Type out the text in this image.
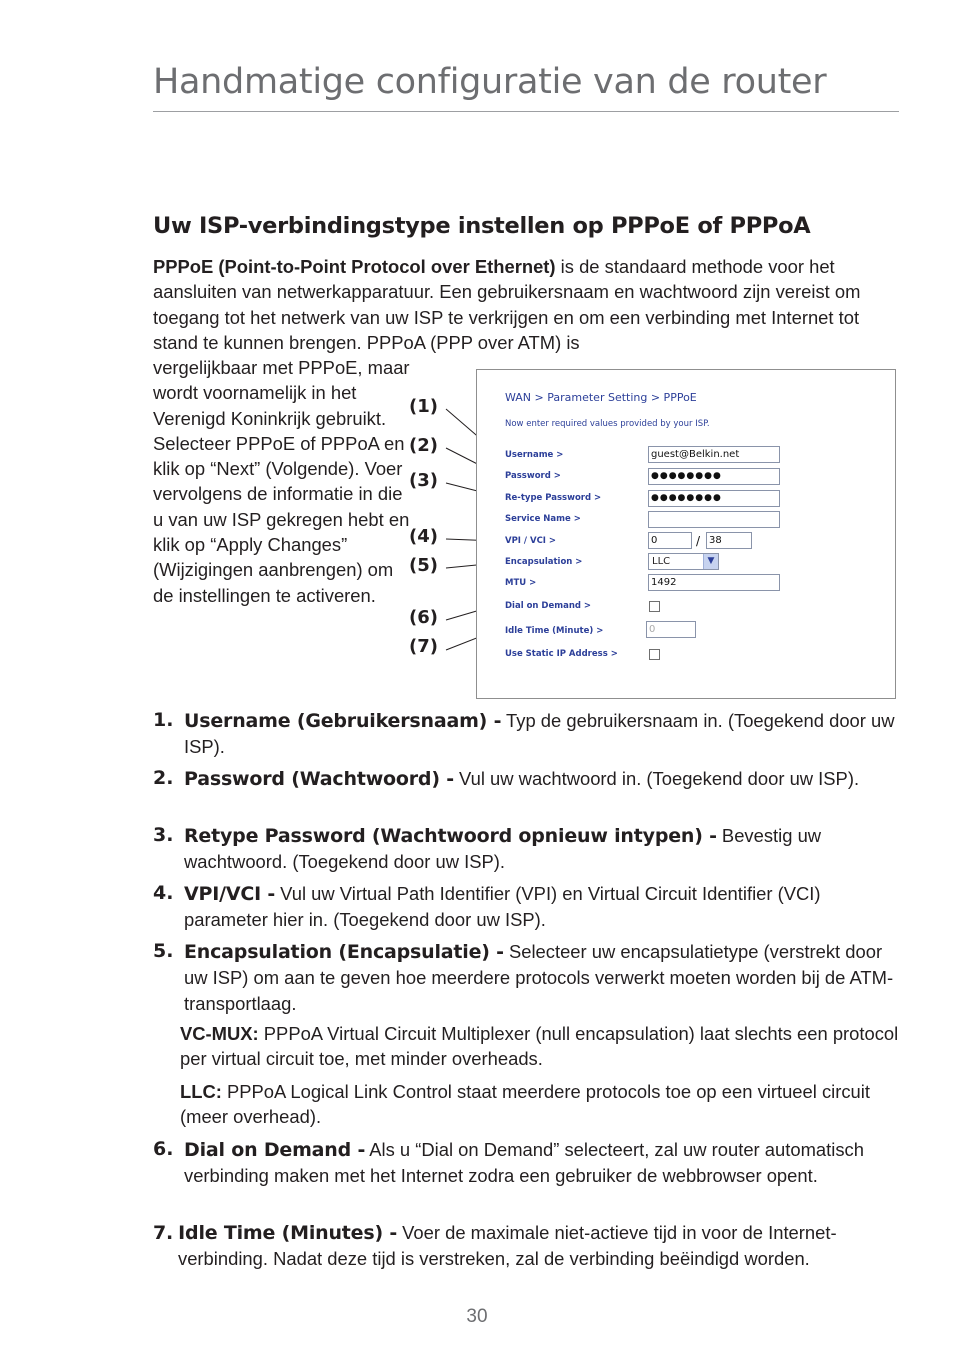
Handmatige configuratie van de router
Uw ISP-verbindingstype instellen op PPPoE of PPPoA

PPPoE (Point-to-Point Protocol over Ethernet) is de standaard methode voor het aansluiten van netwerkapparatuur. Een gebruikersnaam en wachtwoord zijn vereist om toegang tot het netwerk van uw ISP te verkrijgen en om een verbinding met Internet tot stand te kunnen brengen. PPPoA (PPP over ATM) is

vergelijkbaar met PPPoE, maar wordt voornamelijk in het Verenigd Koninkrijk gebruikt. Selecteer PPPoE of PPPoA en klik op “Next” (Volgende). Voer vervolgens de informatie in die u van uw ISP gekregen hebt en klik op “Apply Changes” (Wijzigingen aanbrengen) om de instellingen te activeren.

(1)
(2)
(3)
(4)
(5)
(6)
(7)
WAN > Parameter Setting > PPPoE
Now enter required values provided by your ISP.
Username >	guest@Belkin.net
Password >	●●●●●●●●
Re-type Password >	●●●●●●●●
Service Name >
VPI / VCI >	0	/ 38
Encapsulation >	LLC	▼
MTU >	1492
Dial on Demand >
Idle Time (Minute) >	0
Use Static IP Address >
1. Username (Gebruikersnaam) - Typ de gebruikersnaam in. (Toegekend door uw ISP).
2. Password (Wachtwoord) - Vul uw wachtwoord in. (Toegekend door uw ISP).
3. Retype Password (Wachtwoord opnieuw intypen) - Bevestig uw wachtwoord. (Toegekend door uw ISP).
4. VPI/VCI - Vul uw Virtual Path Identifier (VPI) en Virtual Circuit Identifier (VCI) parameter hier in. (Toegekend door uw ISP).
5. Encapsulation (Encapsulatie) - Selecteer uw encapsulatietype (verstrekt door uw ISP) om aan te geven hoe meerdere protocols verwerkt moeten worden bij de ATM-transportlaag.
VC-MUX: PPPoA Virtual Circuit Multiplexer (null encapsulation) laat slechts een protocol per virtual circuit toe, met minder overheads.
LLC: PPPoA Logical Link Control staat meerdere protocols toe op een virtueel circuit (meer overhead).
6. Dial on Demand - Als u “Dial on Demand” selecteert, zal uw router automatisch verbinding maken met het Internet zodra een gebruiker de webbrowser opent.
7. Idle Time (Minutes) - Voer de maximale niet-actieve tijd in voor de Internet-verbinding. Nadat deze tijd is verstreken, zal de verbinding beëindigd worden.
30
